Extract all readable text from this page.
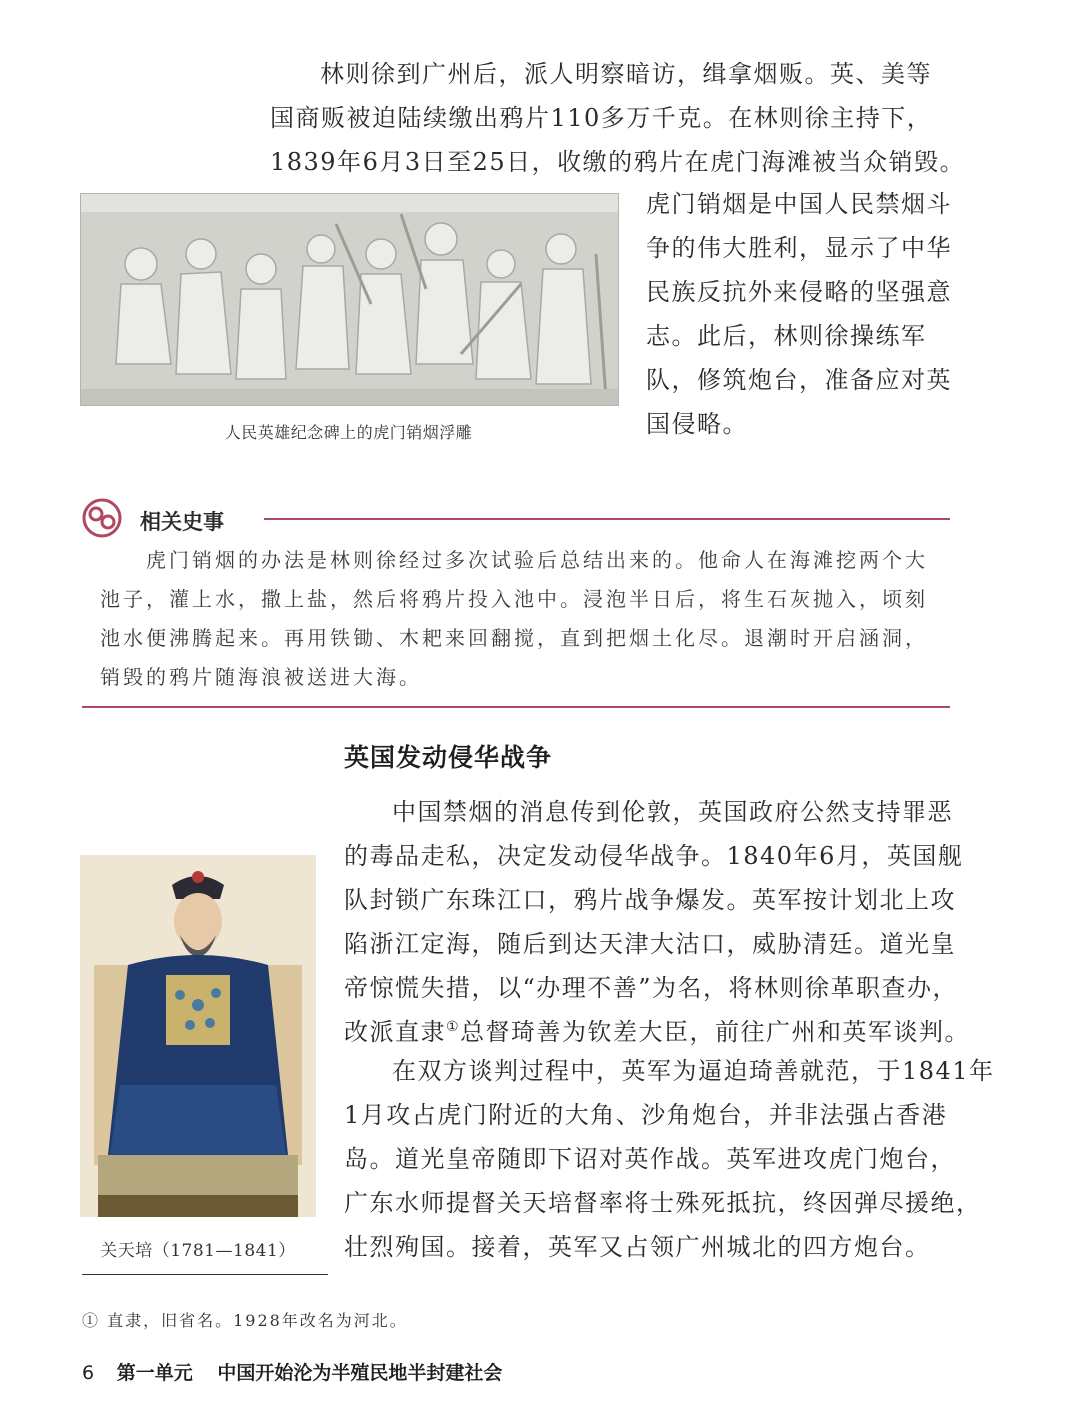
林则徐到广州后，派人明察暗访，缉拿烟贩。英、美等
国商贩被迫陆续缴出鸦片110多万千克。在林则徐主持下，
1839年6月3日至25日，收缴的鸦片在虎门海滩被当众销毁。
人民英雄纪念碑上的虎门销烟浮雕
虎门销烟是中国人民禁烟斗
争的伟大胜利，显示了中华
民族反抗外来侵略的坚强意
志。此后，林则徐操练军
队，修筑炮台，准备应对英
国侵略。
相关史事
虎门销烟的办法是林则徐经过多次试验后总结出来的。他命人在海滩挖两个大
池子，灌上水，撒上盐，然后将鸦片投入池中。浸泡半日后，将生石灰抛入，顷刻
池水便沸腾起来。再用铁锄、木耙来回翻搅，直到把烟土化尽。退潮时开启涵洞，
销毁的鸦片随海浪被送进大海。
英国发动侵华战争
关天培（1781—1841）
中国禁烟的消息传到伦敦，英国政府公然支持罪恶
的毒品走私，决定发动侵华战争。1840年6月，英国舰
队封锁广东珠江口，鸦片战争爆发。英军按计划北上攻
陷浙江定海，随后到达天津大沽口，威胁清廷。道光皇
帝惊慌失措，以“办理不善”为名，将林则徐革职查办，
改派直隶①总督琦善为钦差大臣，前往广州和英军谈判。
在双方谈判过程中，英军为逼迫琦善就范，于1841年
1月攻占虎门附近的大角、沙角炮台，并非法强占香港
岛。道光皇帝随即下诏对英作战。英军进攻虎门炮台，
广东水师提督关天培督率将士殊死抵抗，终因弹尽援绝，
壮烈殉国。接着，英军又占领广州城北的四方炮台。
① 直隶，旧省名。1928年改名为河北。
6 第一单元 中国开始沦为半殖民地半封建社会
